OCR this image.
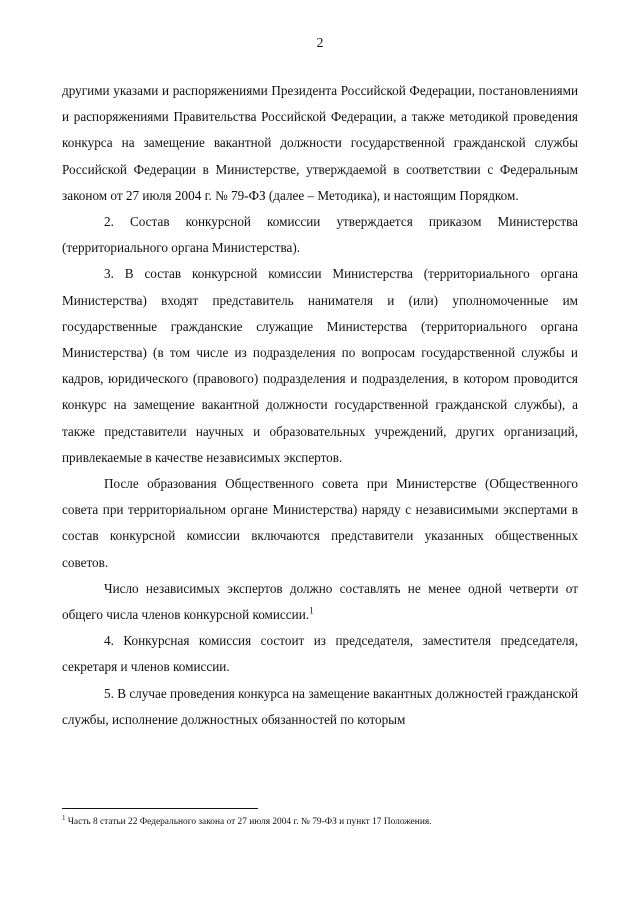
2

другими указами и распоряжениями Президента Российской Федерации, постановлениями и распоряжениями Правительства Российской Федерации, а также методикой проведения конкурса на замещение вакантной должности государственной гражданской службы Российской Федерации в Министерстве, утверждаемой в соответствии с Федеральным законом от 27 июля 2004 г. № 79-ФЗ (далее – Методика), и настоящим Порядком.

2. Состав конкурсной комиссии утверждается приказом Министерства (территориального органа Министерства).

3. В состав конкурсной комиссии Министерства (территориального органа Министерства) входят представитель нанимателя и (или) уполномоченные им государственные гражданские служащие Министерства (территориального органа Министерства) (в том числе из подразделения по вопросам государственной службы и кадров, юридического (правового) подразделения и подразделения, в котором проводится конкурс на замещение вакантной должности государственной гражданской службы), а также представители научных и образовательных учреждений, других организаций, привлекаемые в качестве независимых экспертов.

После образования Общественного совета при Министерстве (Общественного совета при территориальном органе Министерства) наряду с независимыми экспертами в состав конкурсной комиссии включаются представители указанных общественных советов.

Число независимых экспертов должно составлять не менее одной четверти от общего числа членов конкурсной комиссии.$^1$

4. Конкурсная комиссия состоит из председателя, заместителя председателя, секретаря и членов комиссии.

5. В случае проведения конкурса на замещение вакантных должностей гражданской службы, исполнение должностных обязанностей по которым

$^1$ Часть 8 статьи 22 Федерального закона от 27 июля 2004 г. № 79-ФЗ и пункт 17 Положения.
